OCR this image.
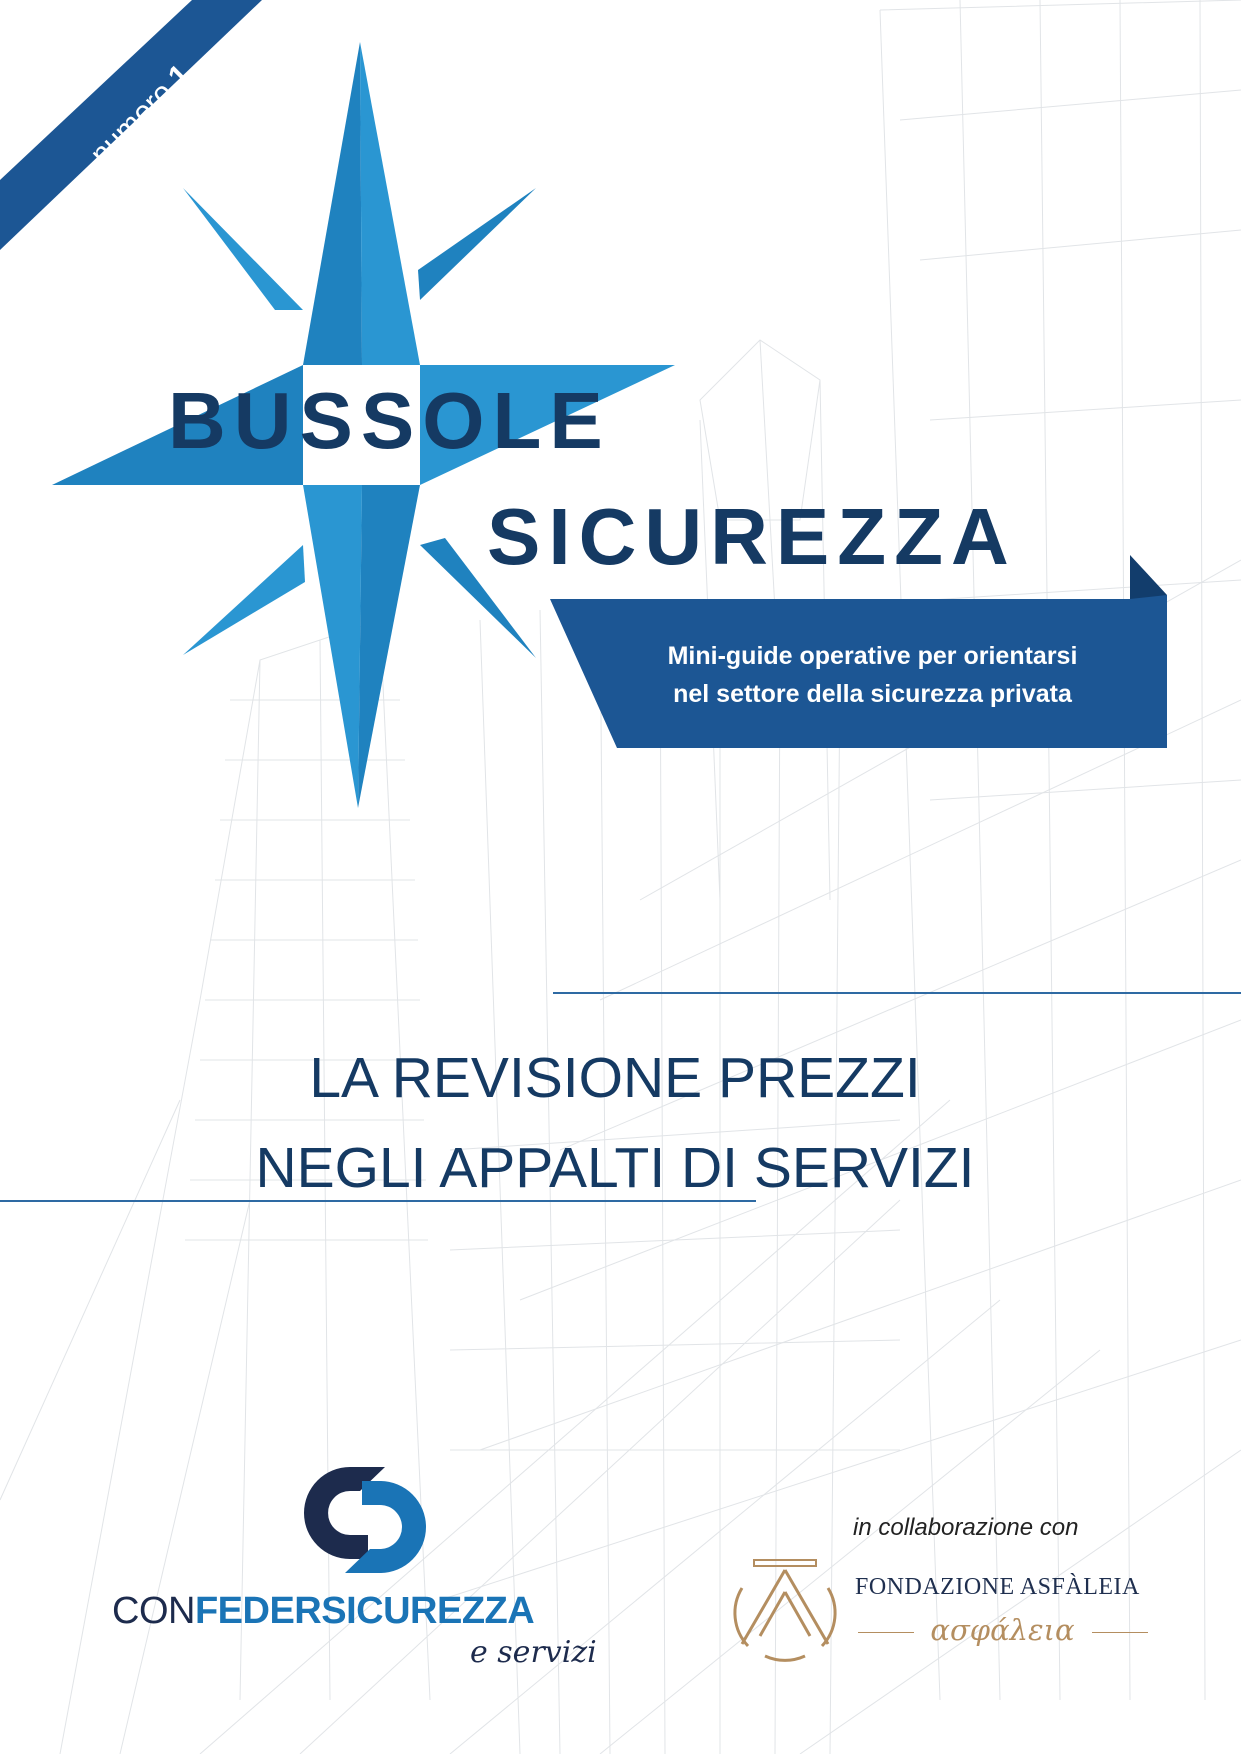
numero 1
BUSSOLE
SICUREZZA
Mini-guide operative per orientarsi
nel settore della sicurezza privata
LA REVISIONE PREZZI
NEGLI APPALTI DI SERVIZI
CONFEDERSICUREZZA
e servizi
in collaborazione con
FONDAZIONE ASFÀLEIA
ασφάλεια
